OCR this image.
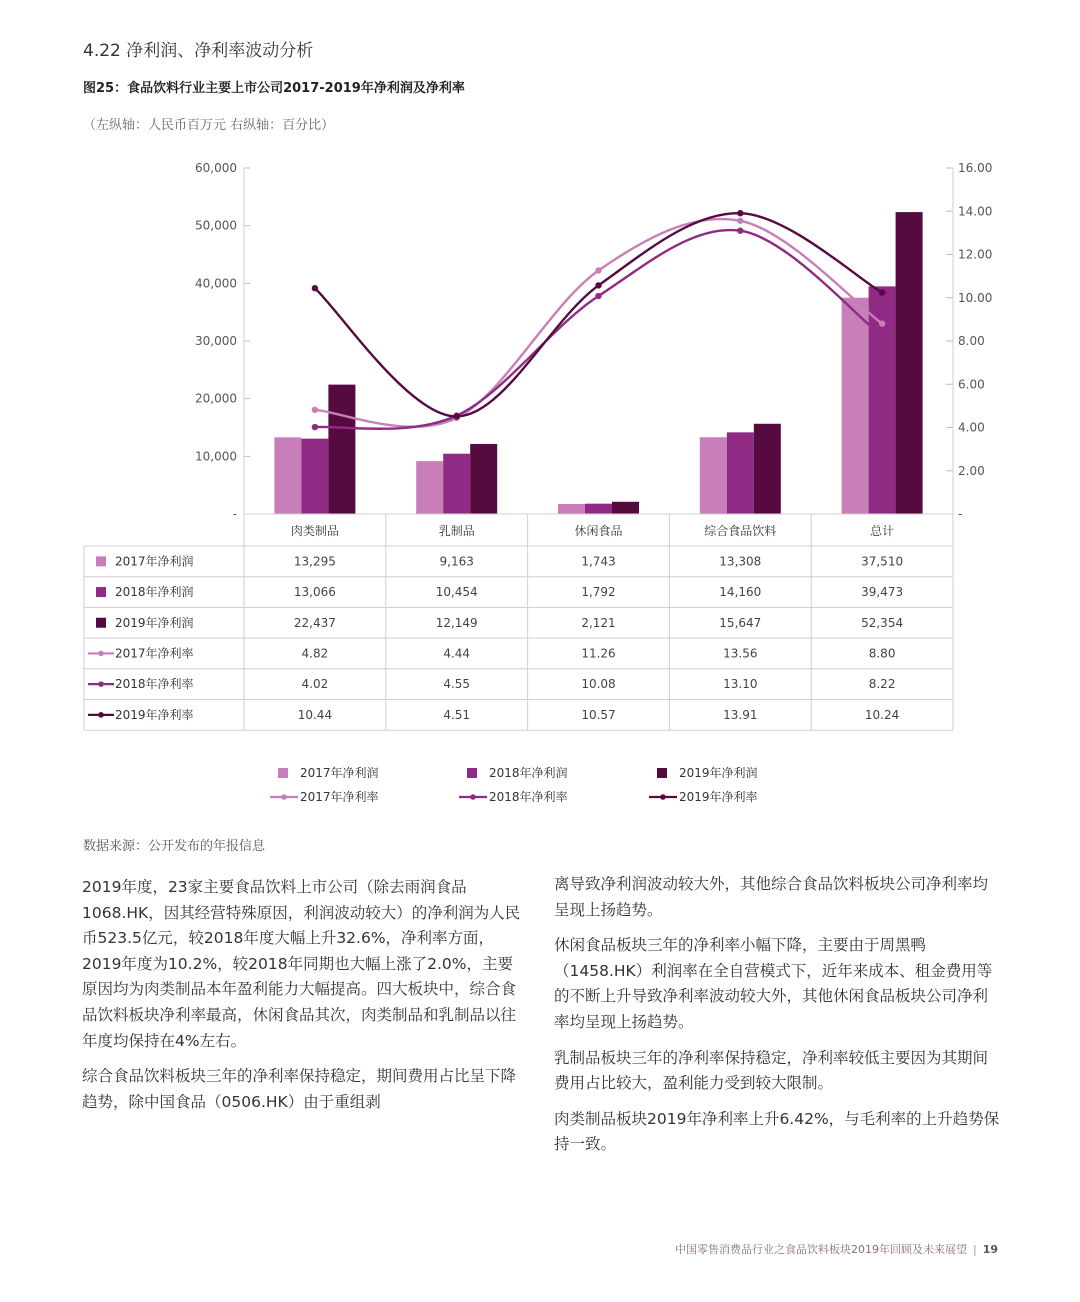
4.22 净利润、净利率波动分析
图25：食品饮料行业主要上市公司2017-2019年净利润及净利率
（左纵轴：人民币百万元 右纵轴：百分比）
60,000
50,000
40,000
30,000
20,000
10,000
-
16.00
14.00
12.00
10.00
8.00
6.00
4.00
2.00
-
肉类制品	乳制品	休闲食品	综合食品饮料	总计
2017年净利润	13,295	9,163	1,743	13,308	37,510
2018年净利润	13,066	10,454	1,792	14,160	39,473
2019年净利润	22,437	12,149	2,121	15,647	52,354
2017年净利率	4.82	4.44	11.26	13.56	8.80
2018年净利率	4.02	4.55	10.08	13.10	8.22
2019年净利率	10.44	4.51	10.57	13.91	10.24
2017年净利润	2018年净利润	2019年净利润
2017年净利率	2018年净利率	2019年净利率
数据来源：公开发布的年报信息

2019年度，23家主要食品饮料上市公司（除去雨润食品 1068.HK，因其经营特殊原因，利润波动较大）的净利润为人民币523.5亿元，较2018年度大幅上升32.6%，净利率方面，2019年度为10.2%，较2018年同期也大幅上涨了2.0%，主要原因均为肉类制品本年盈利能力大幅提高。四大板块中，综合食品饮料板块净利率最高，休闲食品其次，肉类制品和乳制品以往年度均保持在4%左右。

综合食品饮料板块三年的净利率保持稳定，期间费用占比呈下降趋势，除中国食品（0506.HK）由于重组剥

离导致净利润波动较大外，其他综合食品饮料板块公司净利率均呈现上扬趋势。

休闲食品板块三年的净利率小幅下降，主要由于周黑鸭（1458.HK）利润率在全自营模式下，近年来成本、租金费用等的不断上升导致净利率波动较大外，其他休闲食品板块公司净利率均呈现上扬趋势。

乳制品板块三年的净利率保持稳定，净利率较低主要因为其期间费用占比较大，盈利能力受到较大限制。

肉类制品板块2019年净利率上升6.42%，与毛利率的上升趋势保持一致。

中国零售消费品行业之食品饮料板块2019年回顾及未来展望 | 19
